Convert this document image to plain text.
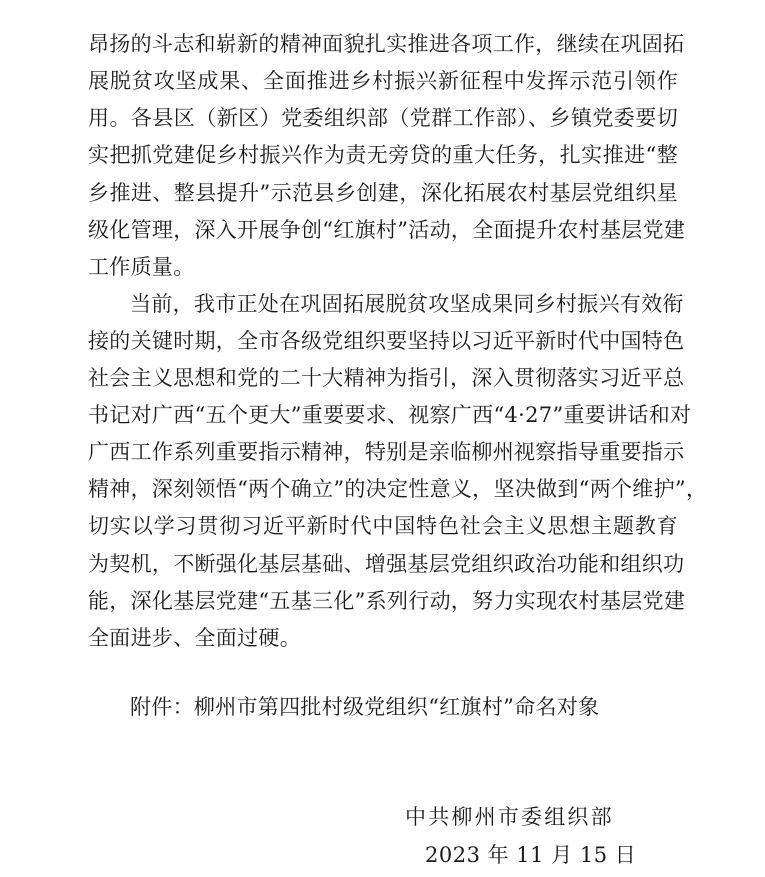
昂扬的斗志和崭新的精神面貌扎实推进各项工作，继续在巩固拓
展脱贫攻坚成果、全面推进乡村振兴新征程中发挥示范引领作
用。各县区（新区）党委组织部（党群工作部）、乡镇党委要切
实把抓党建促乡村振兴作为责无旁贷的重大任务，扎实推进“整
乡推进、整县提升”示范县乡创建，深化拓展农村基层党组织星
级化管理，深入开展争创“红旗村”活动，全面提升农村基层党建
工作质量。
当前，我市正处在巩固拓展脱贫攻坚成果同乡村振兴有效衔
接的关键时期，全市各级党组织要坚持以习近平新时代中国特色
社会主义思想和党的二十大精神为指引，深入贯彻落实习近平总
书记对广西“五个更大”重要要求、视察广西“4·27”重要讲话和对
广西工作系列重要指示精神，特别是亲临柳州视察指导重要指示
精神，深刻领悟“两个确立”的决定性意义，坚决做到“两个维护”，
切实以学习贯彻习近平新时代中国特色社会主义思想主题教育
为契机，不断强化基层基础、增强基层党组织政治功能和组织功
能，深化基层党建“五基三化”系列行动，努力实现农村基层党建
全面进步、全面过硬。
附件：柳州市第四批村级党组织“红旗村”命名对象
中共柳州市委组织部
2023 年 11 月 15 日
